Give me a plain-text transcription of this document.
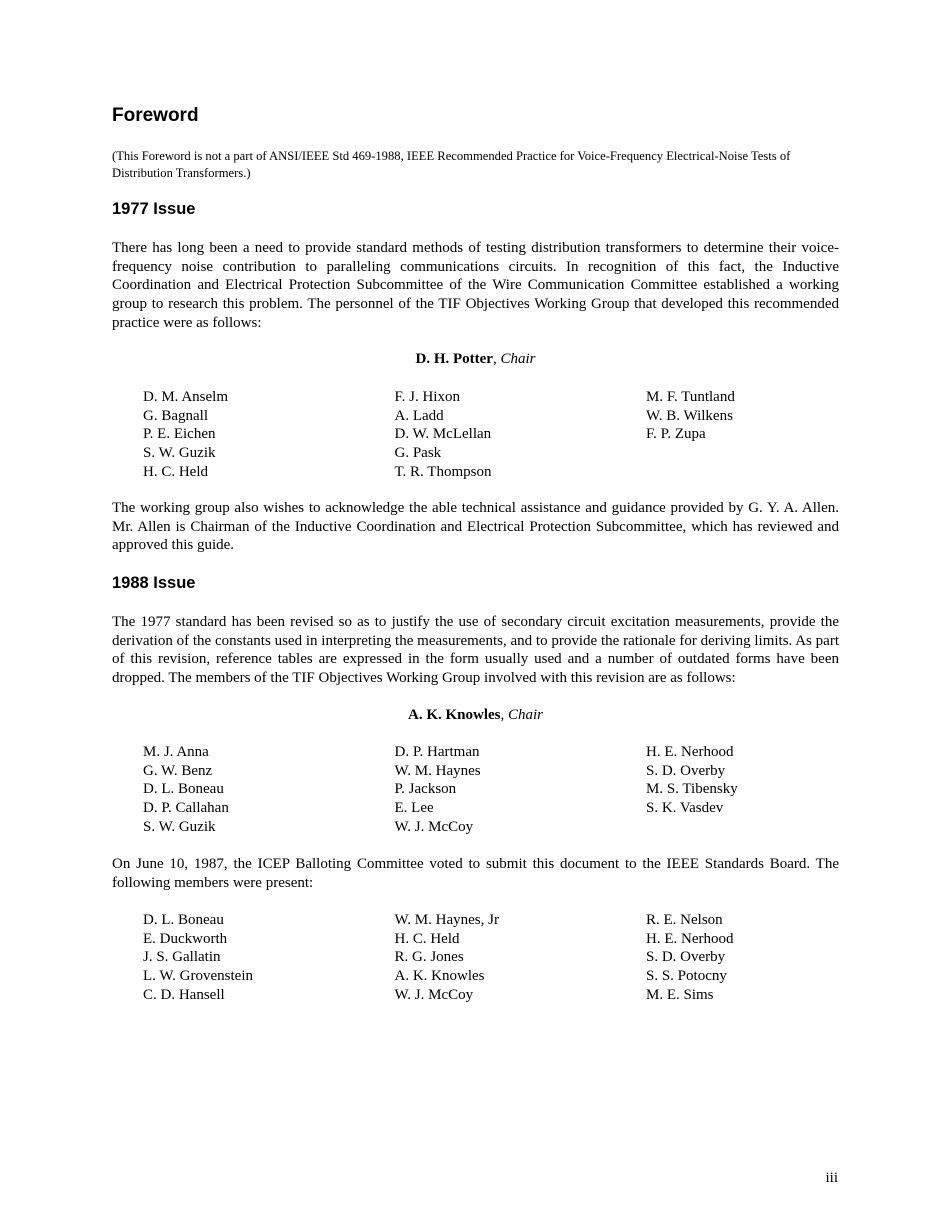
Foreword

(This Foreword is not a part of ANSI/IEEE Std 469-1988, IEEE Recommended Practice for Voice-Frequency Electrical-Noise Tests of Distribution Transformers.)

1977 Issue

There has long been a need to provide standard methods of testing distribution transformers to determine their voice-frequency noise contribution to paralleling communications circuits. In recognition of this fact, the Inductive Coordination and Electrical Protection Subcommittee of the Wire Communication Committee established a working group to research this problem. The personnel of the TIF Objectives Working Group that developed this recommended practice were as follows:

D. H. Potter, Chair

D. M. Anselm
G. Bagnall
P. E. Eichen
S. W. Guzik
H. C. Held
F. J. Hixon
A. Ladd
D. W. McLellan
G. Pask
T. R. Thompson
M. F. Tuntland
W. B. Wilkens
F. P. Zupa

The working group also wishes to acknowledge the able technical assistance and guidance provided by G. Y. A. Allen. Mr. Allen is Chairman of the Inductive Coordination and Electrical Protection Subcommittee, which has reviewed and approved this guide.

1988 Issue

The 1977 standard has been revised so as to justify the use of secondary circuit excitation measurements, provide the derivation of the constants used in interpreting the measurements, and to provide the rationale for deriving limits. As part of this revision, reference tables are expressed in the form usually used and a number of outdated forms have been dropped. The members of the TIF Objectives Working Group involved with this revision are as follows:

A. K. Knowles, Chair

M. J. Anna
G. W. Benz
D. L. Boneau
D. P. Callahan
S. W. Guzik
D. P. Hartman
W. M. Haynes
P. Jackson
E. Lee
W. J. McCoy
H. E. Nerhood
S. D. Overby
M. S. Tibensky
S. K. Vasdev

On June 10, 1987, the ICEP Balloting Committee voted to submit this document to the IEEE Standards Board. The following members were present:

D. L. Boneau
E. Duckworth
J. S. Gallatin
L. W. Grovenstein
C. D. Hansell
W. M. Haynes, Jr
H. C. Held
R. G. Jones
A. K. Knowles
W. J. McCoy
R. E. Nelson
H. E. Nerhood
S. D. Overby
S. S. Potocny
M. E. Sims
iii
